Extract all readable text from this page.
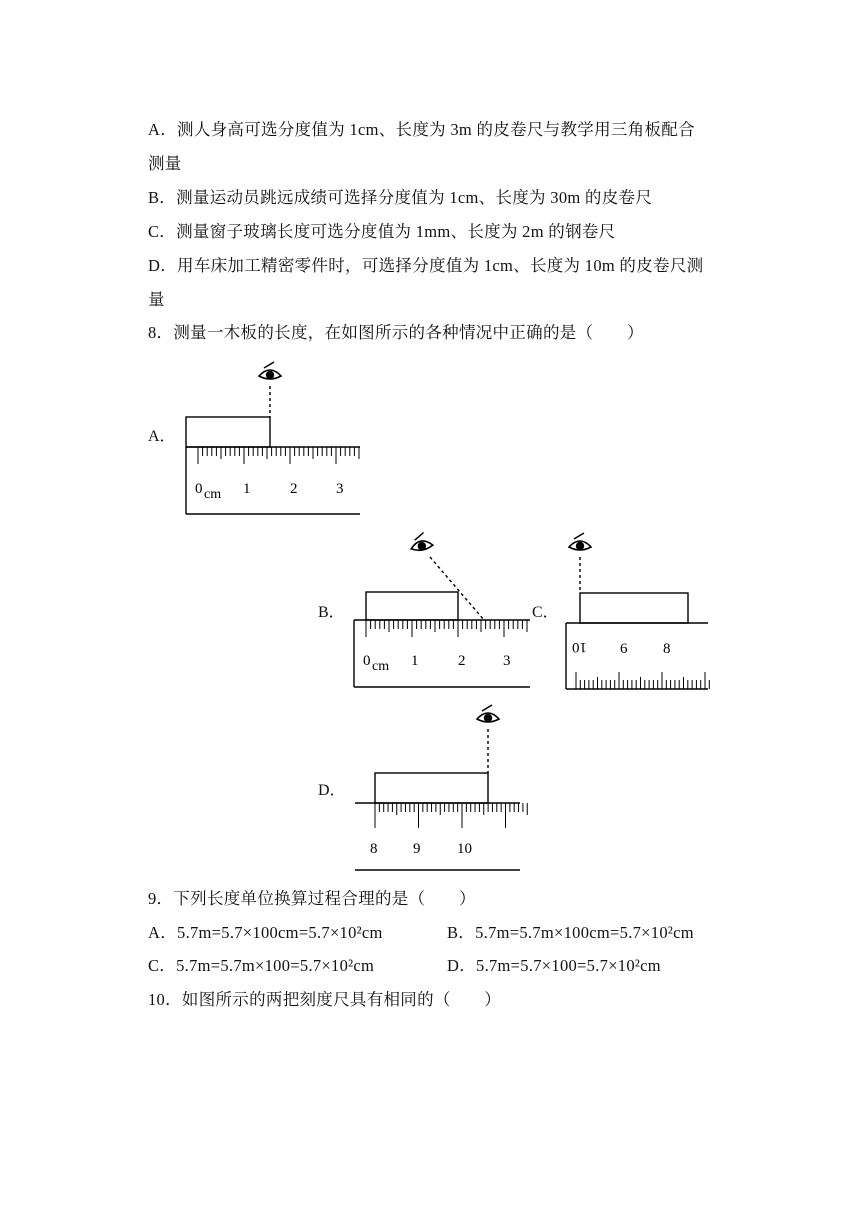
A．测人身高可选分度值为 1cm、长度为 3m 的皮卷尺与教学用三角板配合
测量
B．测量运动员跳远成绩可选择分度值为 1cm、长度为 30m 的皮卷尺
C．测量窗子玻璃长度可选分度值为 1mm、长度为 2m 的钢卷尺
D．用车床加工精密零件时，可选择分度值为 1cm、长度为 10m 的皮卷尺测
量
8．测量一木板的长度，在如图所示的各种情况中正确的是（　　）
A．
0 cm 1	2	3
B．
0 cm 1	2	3
C．
10 6 8
D．
8 9 10
9．下列长度单位换算过程合理的是（　　）
A．5.7m=5.7×100cm=5.7×10²cm	B．5.7m=5.7m×100cm=5.7×10²cm
C．5.7m=5.7m×100=5.7×10²cm	D．5.7m=5.7×100=5.7×10²cm
10．如图所示的两把刻度尺具有相同的（　　）
